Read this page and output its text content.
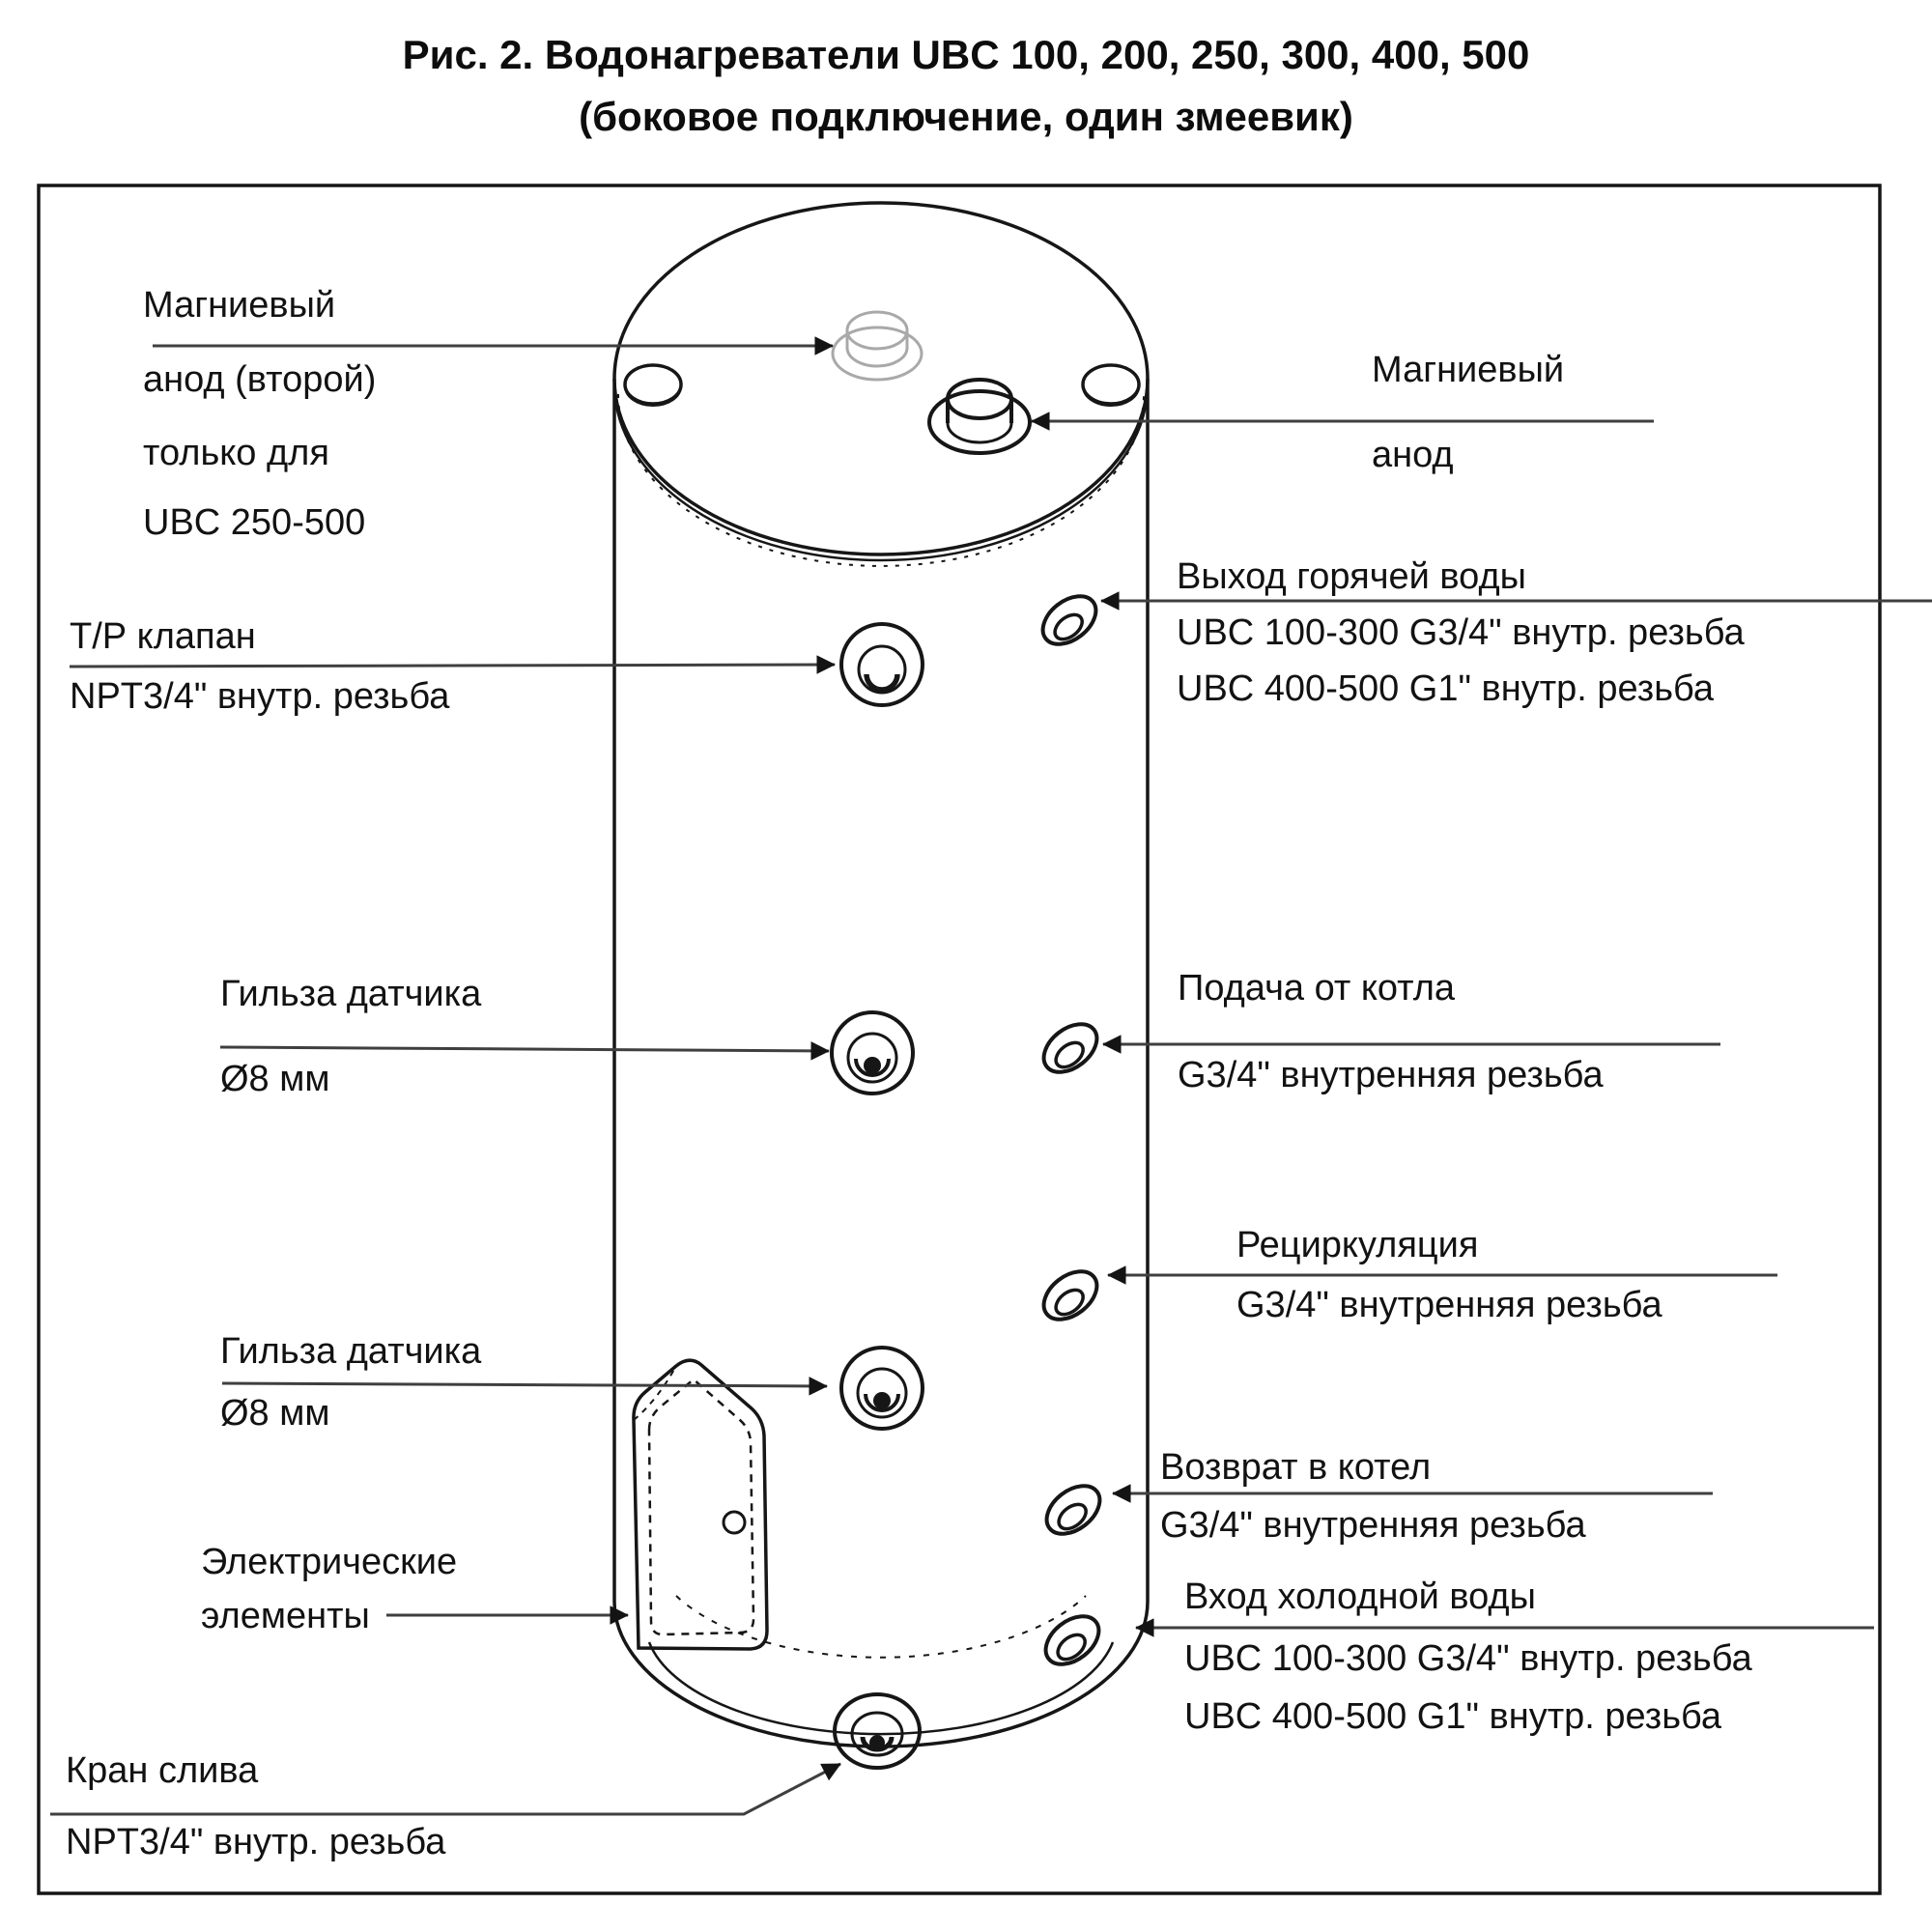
Рис. 2. Водонагреватели UBC 100, 200, 250, 300, 400, 500
(боковое подключение, один змеевик)
Магниевый
анод (второй)
только для
UBC 250-500
Т/Р клапан
NPT3/4" внутр. резьба
Гильза датчика
Ø8 мм
Гильза датчика
Ø8 мм
Электрические
элементы
Кран слива
NPT3/4" внутр. резьба
Магниевый
анод
Выход горячей воды
UBC 100-300 G3/4" внутр. резьба
UBC 400-500 G1" внутр. резьба
Подача от котла
G3/4" внутренняя резьба
Рециркуляция
G3/4" внутренняя резьба
Возврат в котел
G3/4" внутренняя резьба
Вход холодной воды
UBC 100-300 G3/4" внутр. резьба
UBC 400-500 G1" внутр. резьба
